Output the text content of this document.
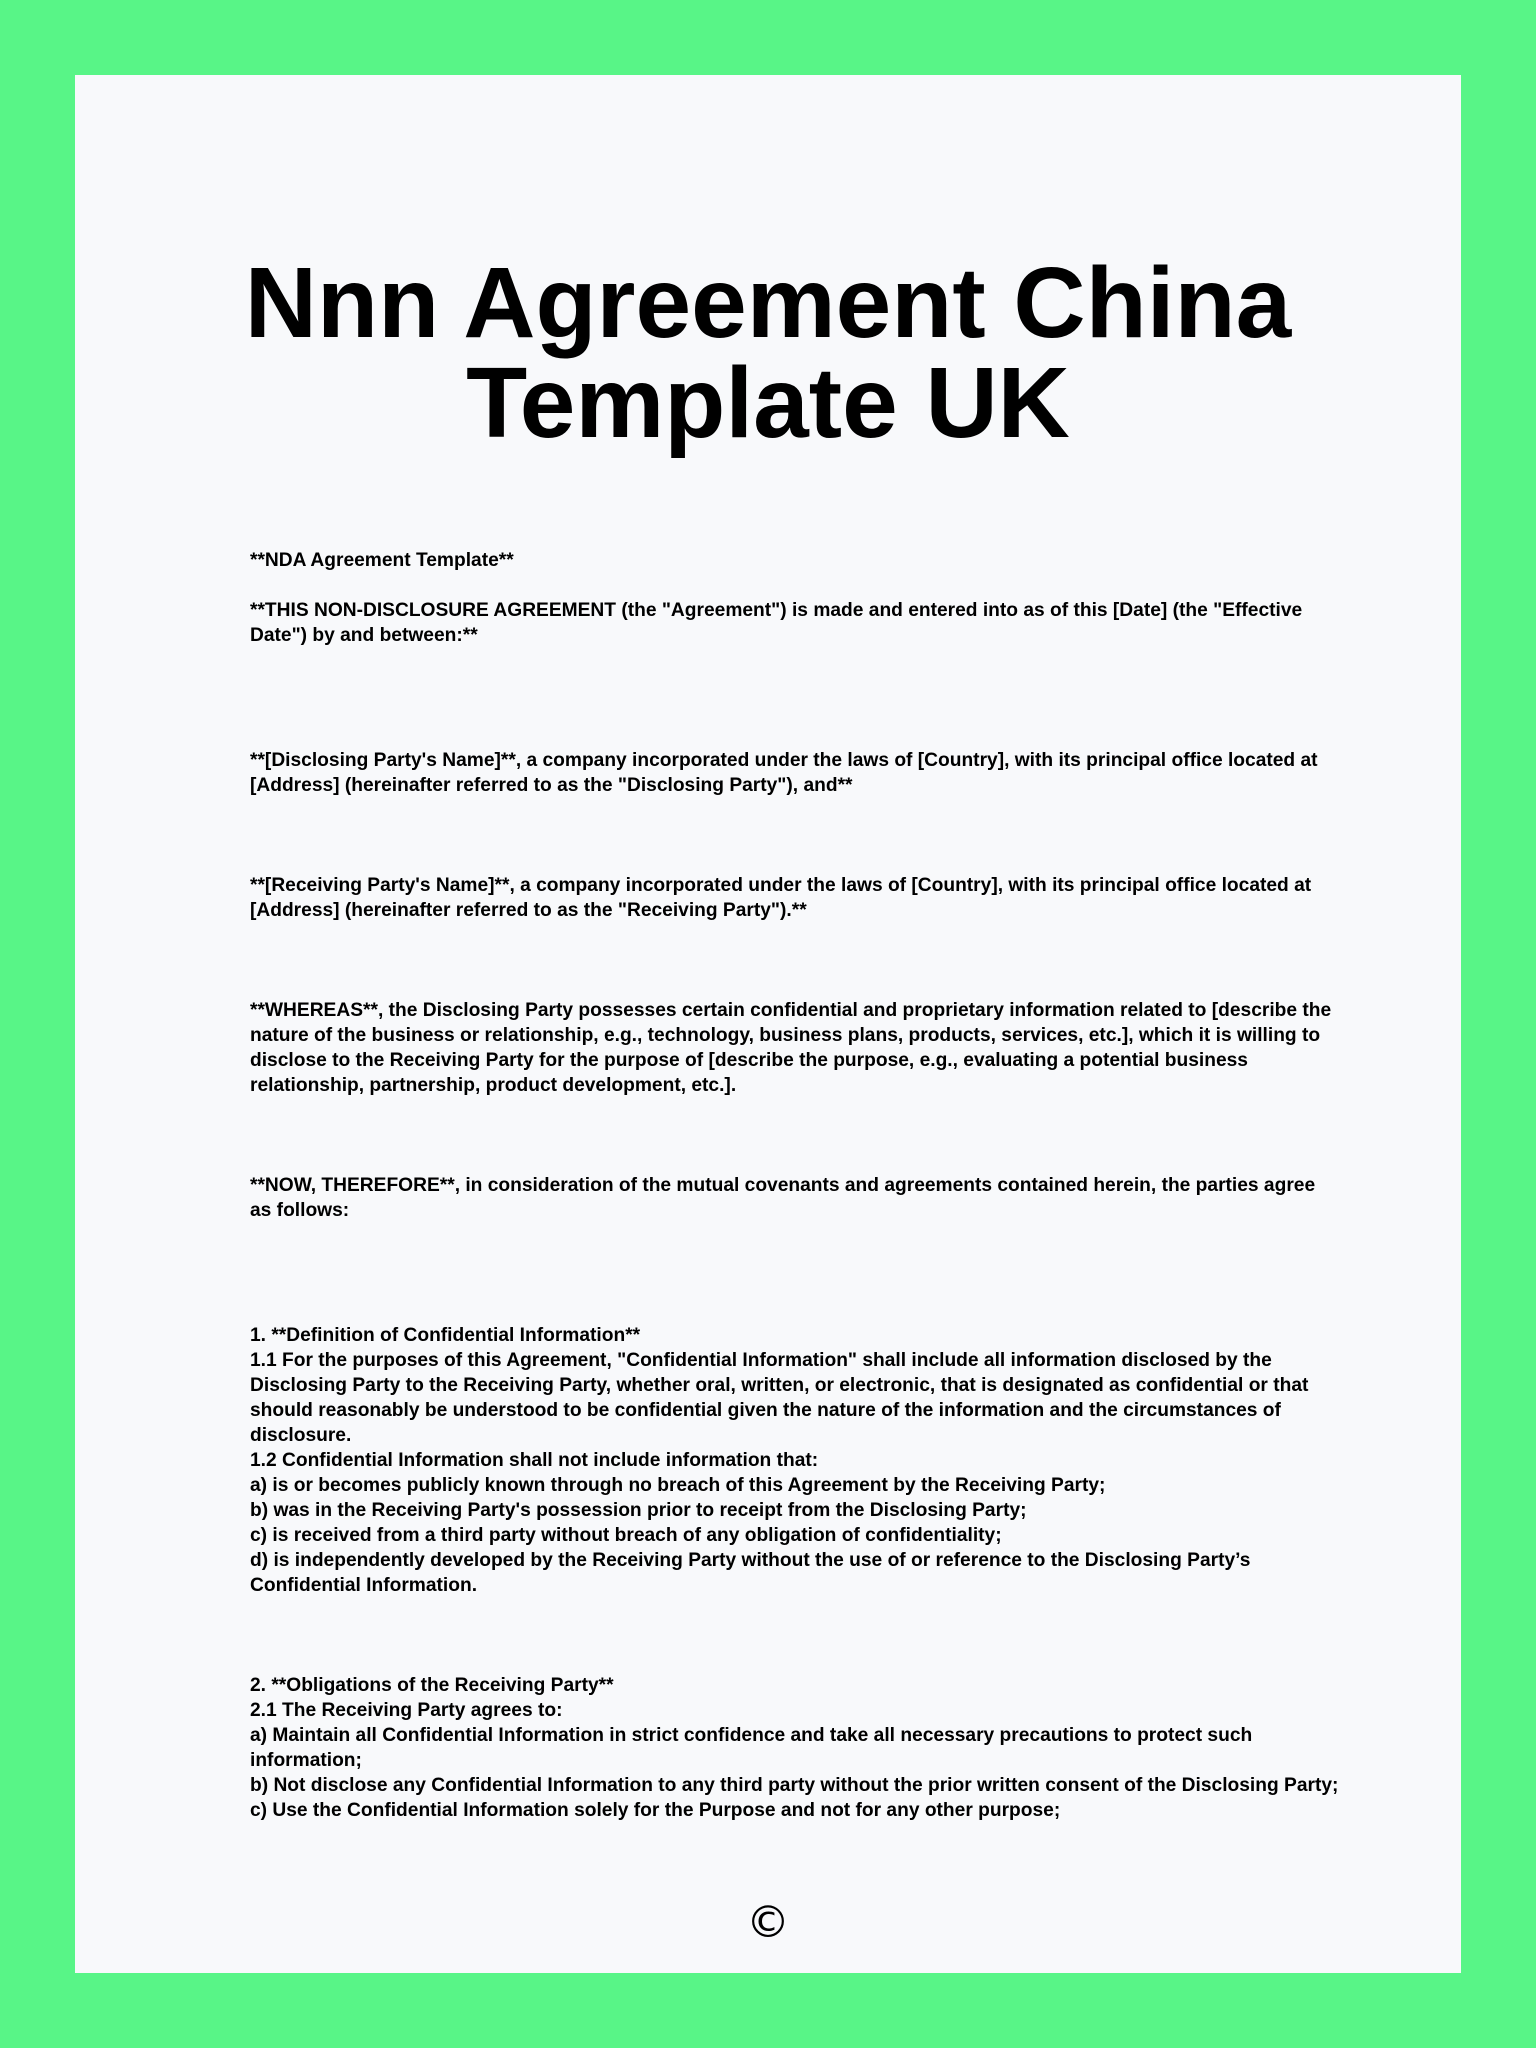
Nnn Agreement China Template UK

**NDA Agreement Template**

**THIS NON-DISCLOSURE AGREEMENT (the "Agreement") is made and entered into as of this [Date] (the "Effective Date") by and between:**

**[Disclosing Party's Name]**, a company incorporated under the laws of [Country], with its principal office located at [Address] (hereinafter referred to as the "Disclosing Party"), and**

**[Receiving Party's Name]**, a company incorporated under the laws of [Country], with its principal office located at [Address] (hereinafter referred to as the "Receiving Party").**

**WHEREAS**, the Disclosing Party possesses certain confidential and proprietary information related to [describe the nature of the business or relationship, e.g., technology, business plans, products, services, etc.], which it is willing to disclose to the Receiving Party for the purpose of [describe the purpose, e.g., evaluating a potential business relationship, partnership, product development, etc.].

**NOW, THEREFORE**, in consideration of the mutual covenants and agreements contained herein, the parties agree as follows:

1. **Definition of Confidential Information**

1.1 For the purposes of this Agreement, "Confidential Information" shall include all information disclosed by the Disclosing Party to the Receiving Party, whether oral, written, or electronic, that is designated as confidential or that should reasonably be understood to be confidential given the nature of the information and the circumstances of disclosure.

1.2 Confidential Information shall not include information that:

a) is or becomes publicly known through no breach of this Agreement by the Receiving Party;

b) was in the Receiving Party's possession prior to receipt from the Disclosing Party;

c) is received from a third party without breach of any obligation of confidentiality;

d) is independently developed by the Receiving Party without the use of or reference to the Disclosing Party’s Confidential Information.

2. **Obligations of the Receiving Party**

2.1 The Receiving Party agrees to:

a) Maintain all Confidential Information in strict confidence and take all necessary precautions to protect such information;

b) Not disclose any Confidential Information to any third party without the prior written consent of the Disclosing Party;

c) Use the Confidential Information solely for the Purpose and not for any other purpose;

©
